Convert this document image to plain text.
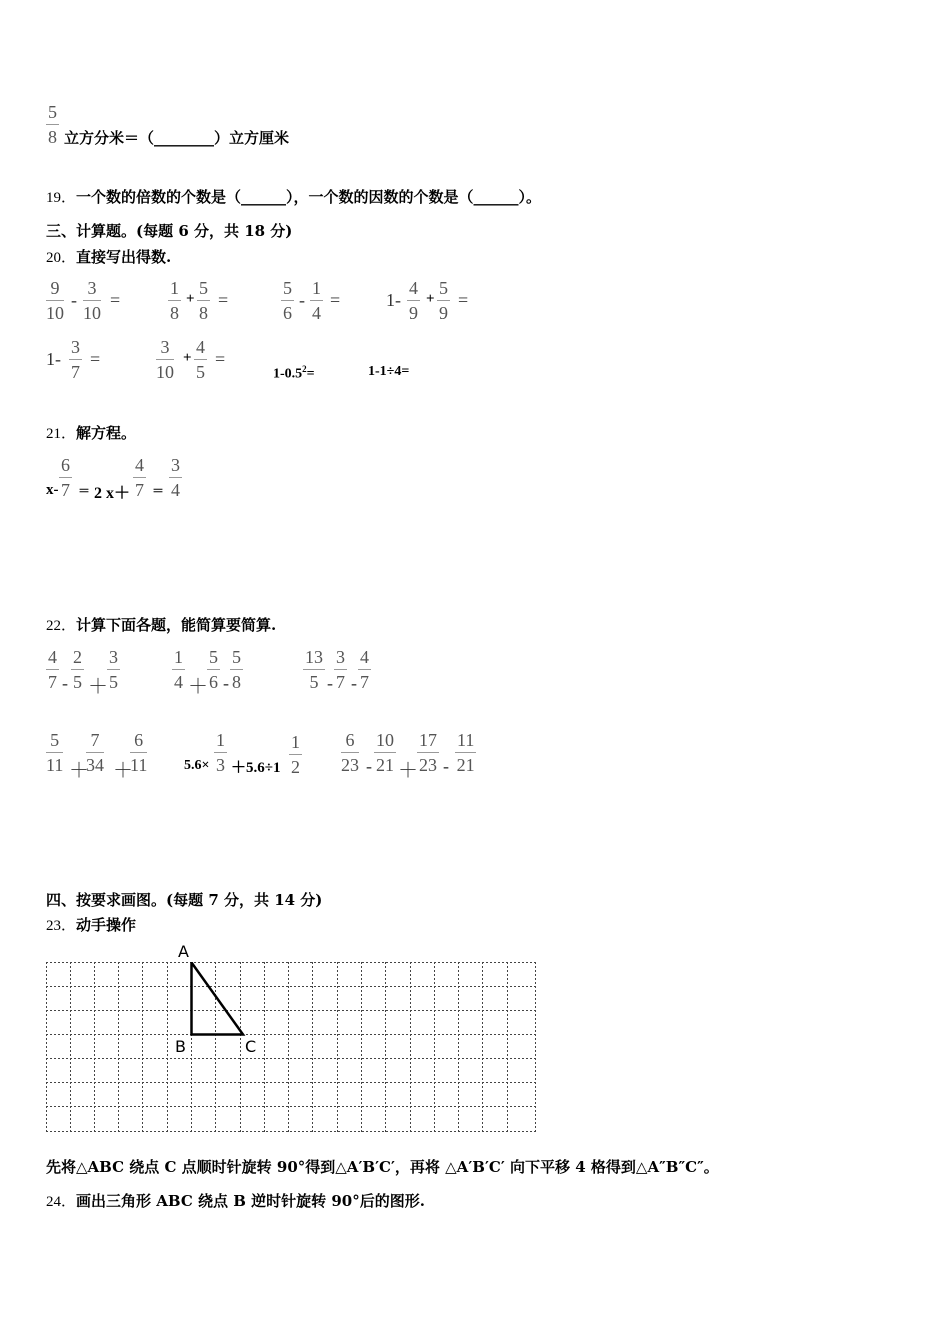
5
8 立方分米＝（________）立方厘米
19．一个数的倍数的个数是（______），一个数的因数的个数是（______）。
三、计算题。(每题 6 分，共 18 分)
20．直接写出得数.
9
10
-
3
10
=
1
8
+
5
8
=
5
6
-
1
4
=	1-
4
9
+
5
9
=
1-
3
7
=
3
10
+
4
5
=
$1-0.5^2=$	1-1÷4=
21．解方程。
x-
6
7 ＝ 2 x＋
4
7 ＝
3
4
22．计算下面各题，能简算要简算.
4
7 -
2
5 ＋
3
5
1
4 ＋
5
6 -
5
8
13
5 -
3
7 -
4
7
5
11 ＋
7
34 ＋
6
11	5.6×
1
3 ＋5.6÷1
1
2
6
23 -
10
21 ＋
17
23 -
11
21
四、按要求画图。(每题 7 分，共 14 分)
23．动手操作
A
B	C
先将△ABC 绕点 C 点顺时针旋转 90°得到△A′B′C′，再将 △A′B′C′ 向下平移 4 格得到△A″B″C″。
24．画出三角形 ABC 绕点 B 逆时针旋转 90°后的图形.
